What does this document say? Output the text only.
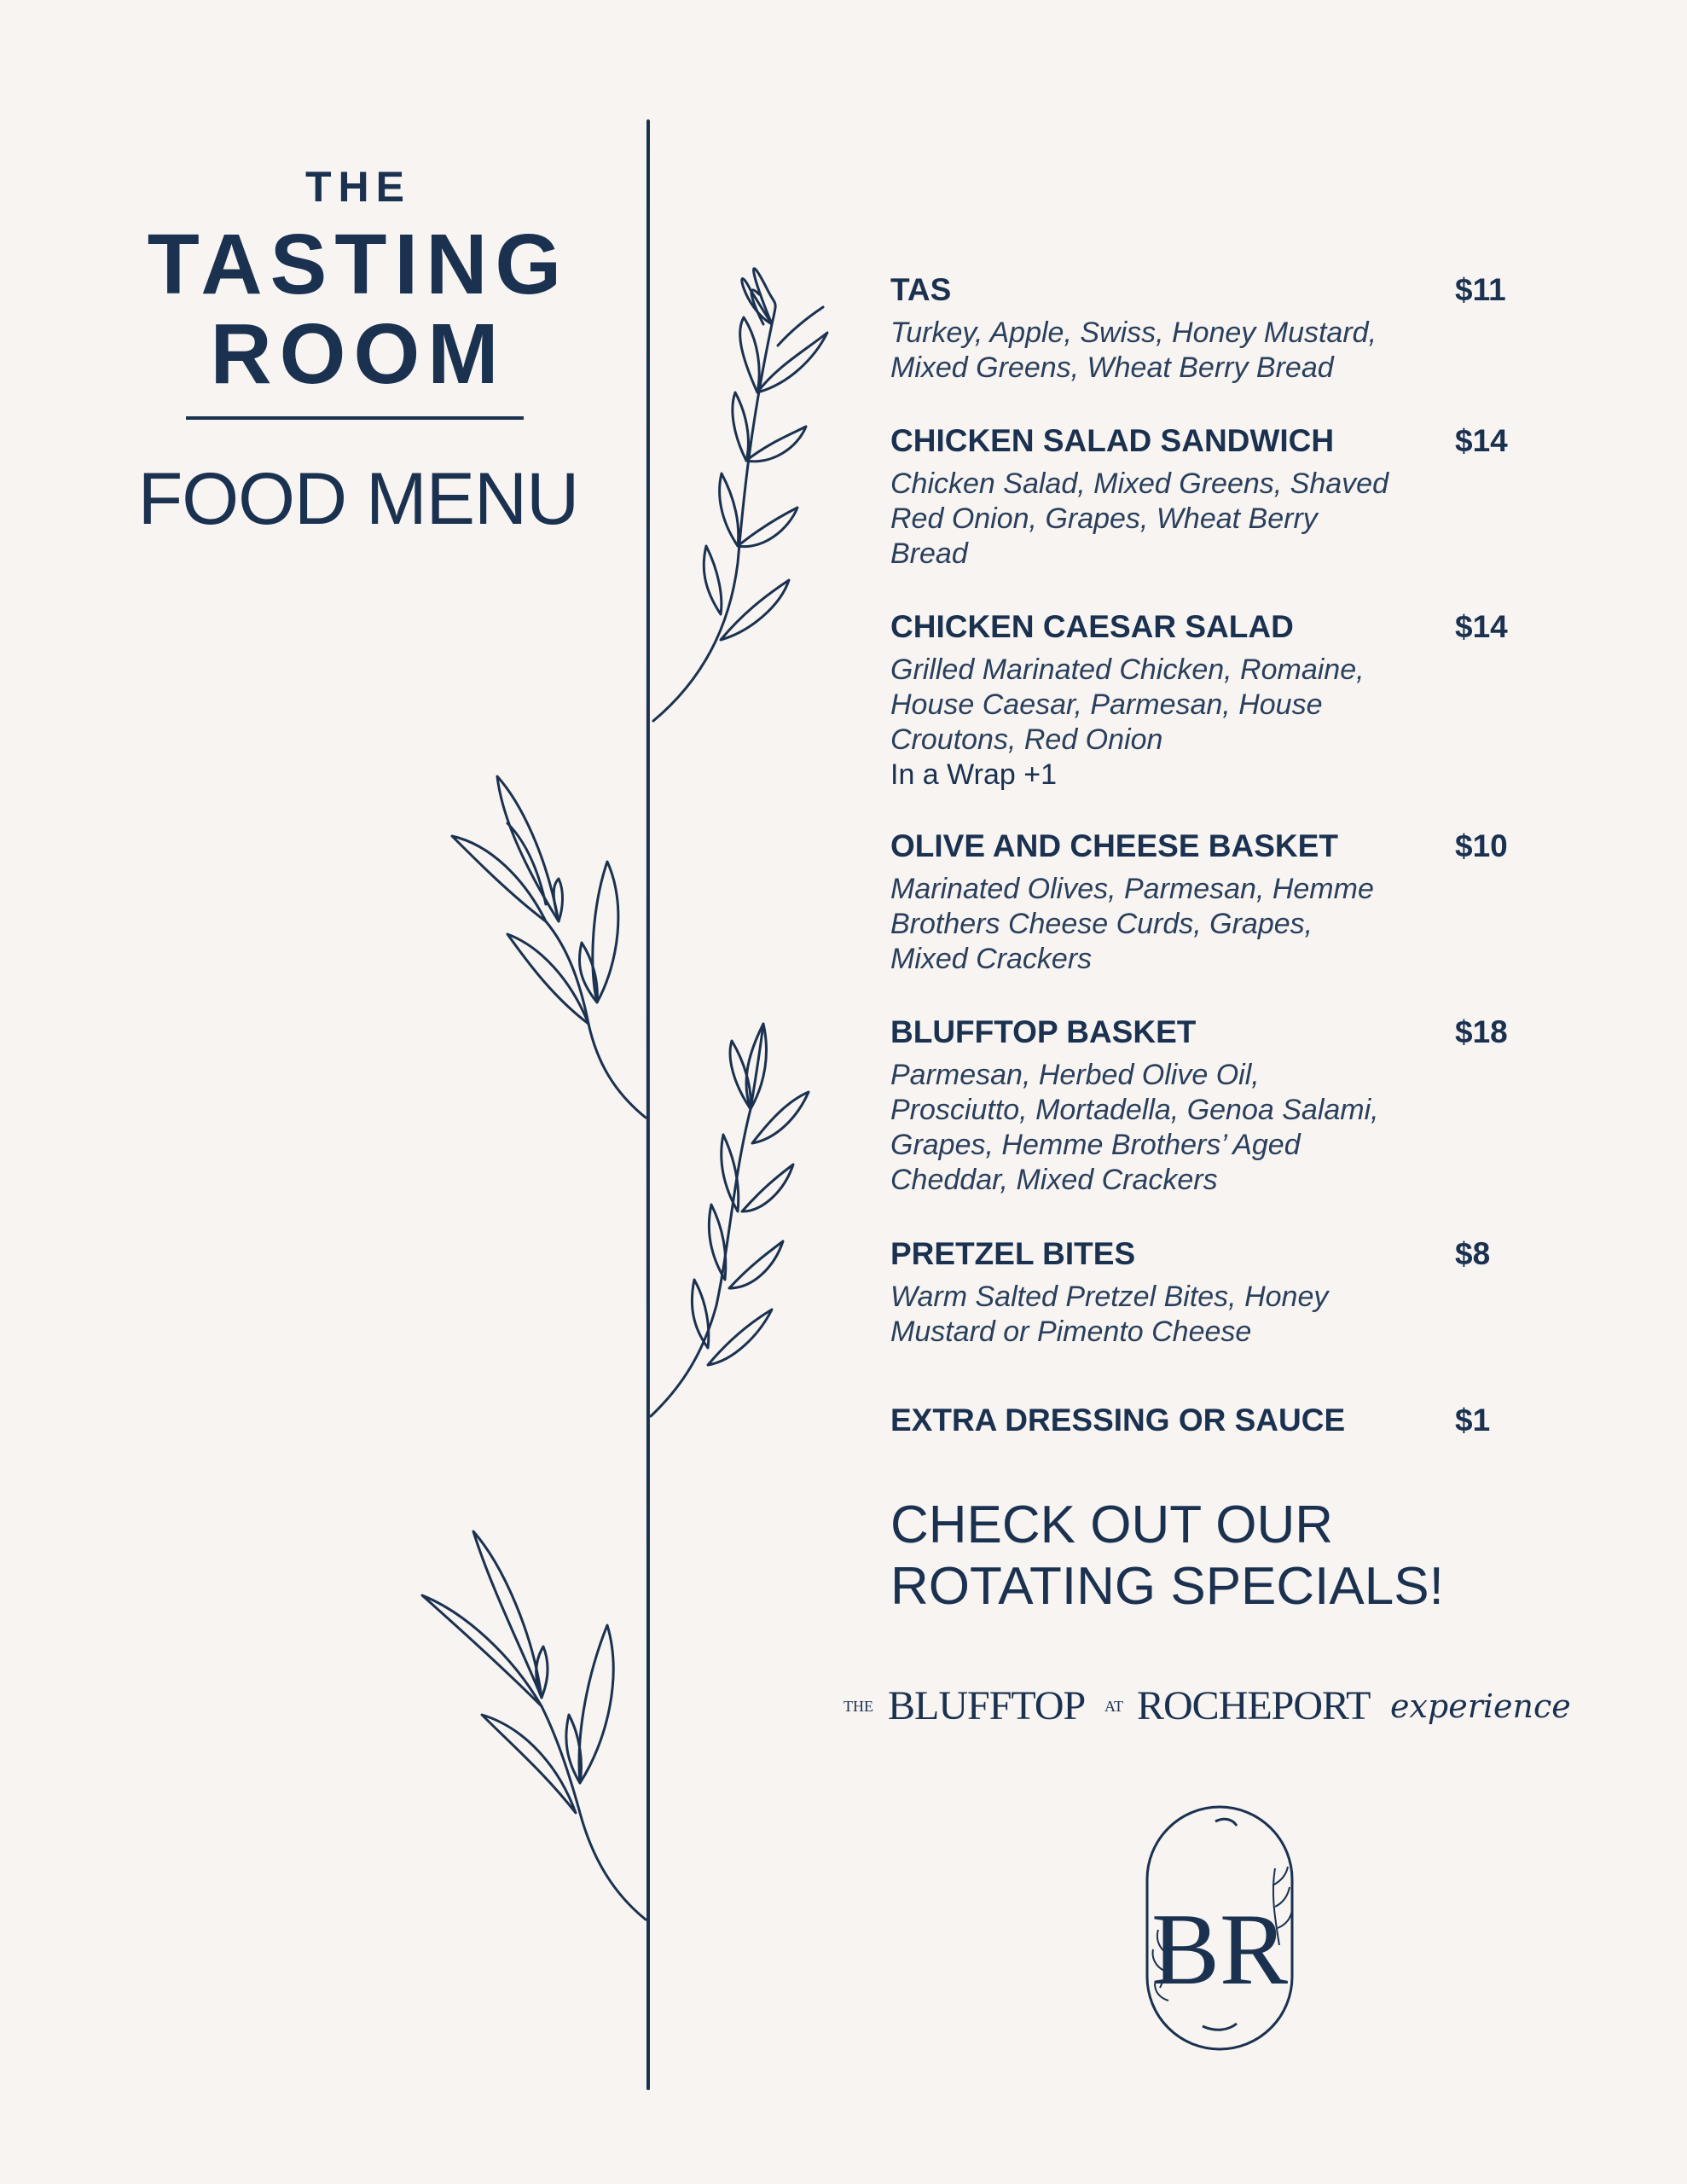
THE
TASTING
ROOM
FOOD MENU
TAS	$11
Turkey, Apple, Swiss, Honey Mustard,
Mixed Greens, Wheat Berry Bread
CHICKEN SALAD SANDWICH	$14
Chicken Salad, Mixed Greens, Shaved
Red Onion, Grapes, Wheat Berry
Bread
CHICKEN CAESAR SALAD	$14
Grilled Marinated Chicken, Romaine,
House Caesar, Parmesan, House
Croutons, Red Onion
In a Wrap +1
OLIVE AND CHEESE BASKET	$10
Marinated Olives, Parmesan, Hemme
Brothers Cheese Curds, Grapes,
Mixed Crackers
BLUFFTOP BASKET	$18
Parmesan, Herbed Olive Oil,
Prosciutto, Mortadella, Genoa Salami,
Grapes, Hemme Brothers’ Aged
Cheddar, Mixed Crackers
PRETZEL BITES	$8
Warm Salted Pretzel Bites, Honey
Mustard or Pimento Cheese
EXTRA DRESSING OR SAUCE	$1
CHECK OUT OUR
ROTATING SPECIALS!
THE BLUFFTOP AT ROCHEPORT experience
BR
